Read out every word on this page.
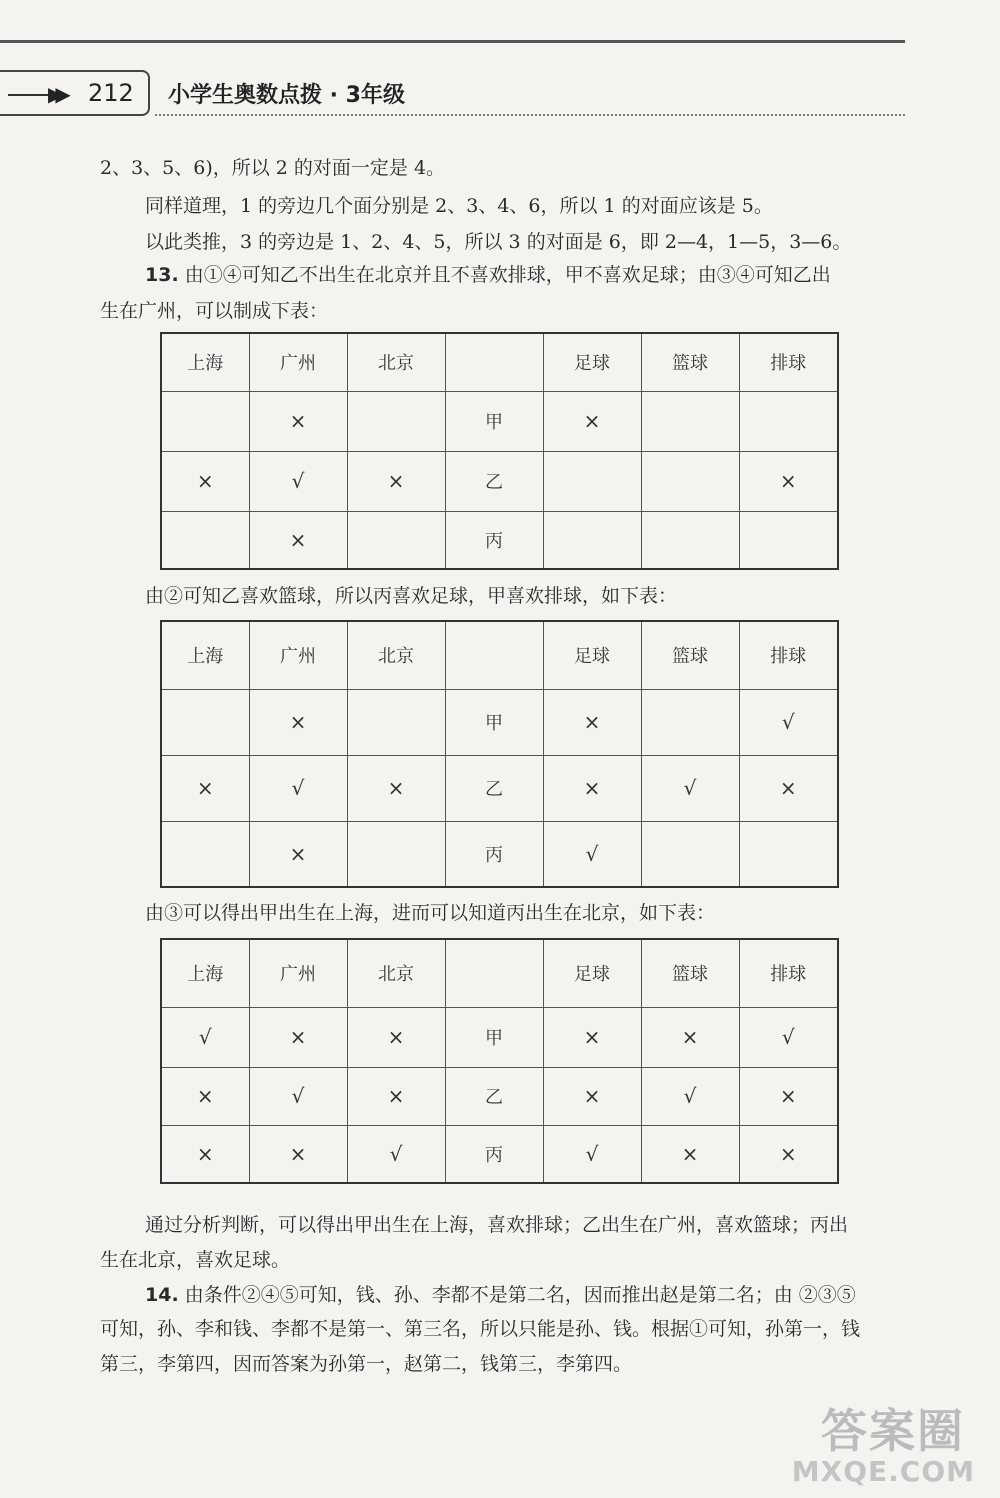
▶▶ 212 小学生奥数点拨 · 3年级
2、3、5、6)，所以 2 的对面一定是 4。
同样道理，1 的旁边几个面分别是 2、3、4、6，所以 1 的对面应该是 5。
以此类推，3 的旁边是 1、2、4、5，所以 3 的对面是 6，即 2—4，1—5，3—6。
13. 由①④可知乙不出生在北京并且不喜欢排球，甲不喜欢足球；由③④可知乙出
生在广州，可以制成下表：
上海	广州	北京		足球	篮球	排球
	×		甲	×		
×	√	×	乙			×
	×		丙			
由②可知乙喜欢篮球，所以丙喜欢足球，甲喜欢排球，如下表：
上海	广州	北京		足球	篮球	排球
	×		甲	×		√
×	√	×	乙	×	√	×
	×		丙	√		
由③可以得出甲出生在上海，进而可以知道丙出生在北京，如下表：
上海	广州	北京		足球	篮球	排球
√	×	×	甲	×	×	√
×	√	×	乙	×	√	×
×	×	√	丙	√	×	×
通过分析判断，可以得出甲出生在上海，喜欢排球；乙出生在广州，喜欢篮球；丙出
生在北京，喜欢足球。
14. 由条件②④⑤可知，钱、孙、李都不是第二名，因而推出赵是第二名；由 ②③⑤
可知，孙、李和钱、李都不是第一、第三名，所以只能是孙、钱。根据①可知，孙第一，钱
第三，李第四，因而答案为孙第一，赵第二，钱第三，李第四。
答案圈
MXQE.COM
